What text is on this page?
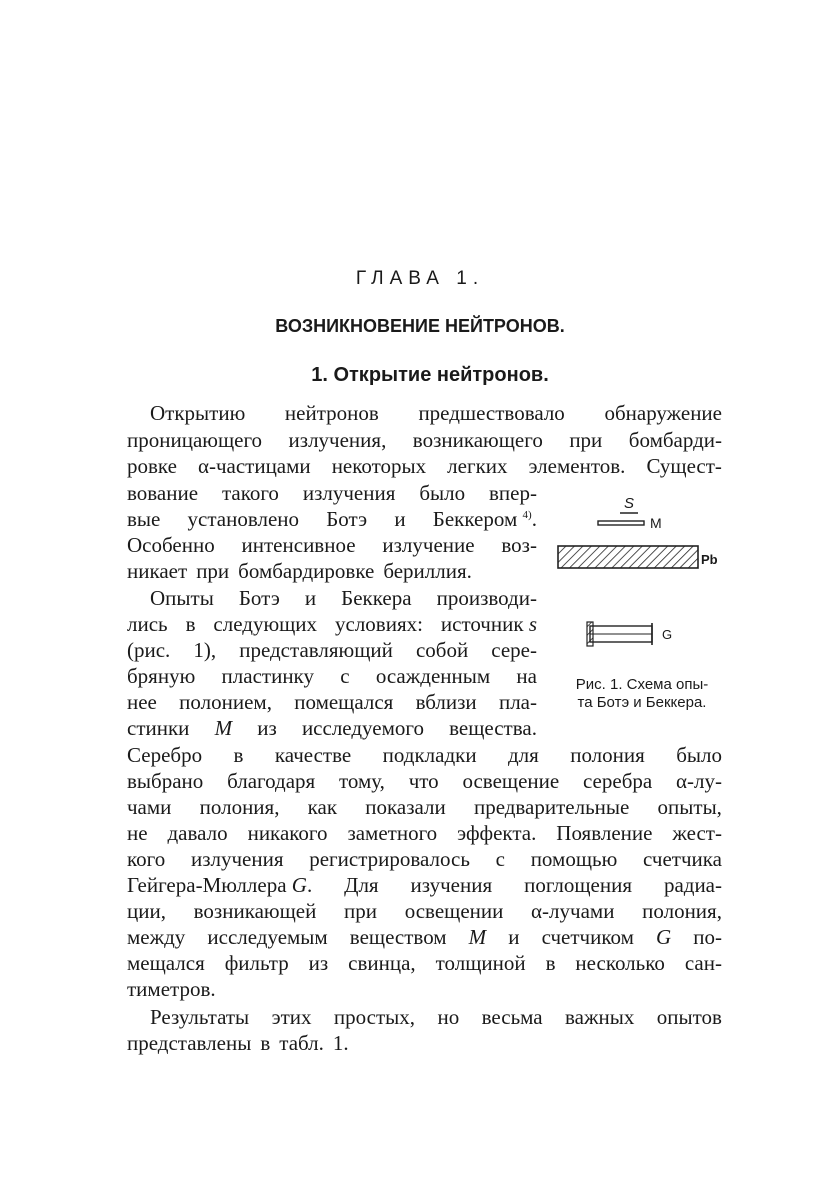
ГЛАВА 1.
ВОЗНИКНОВЕНИЕ НЕЙТРОНОВ.
1. Открытие нейтронов.
S
M
Pb
G
Рис. 1. Схема опы-
та Ботэ и Беккера.
Открытию нейтронов предшествовало обнаружение
проницающего излучения, возникающего при бомбарди-
ровке α-частицами некоторых легких элементов. Сущест-
вование такого излучения было впер-
вые установлено Ботэ и Беккером $^{4)}$.
Особенно интенсивное излучение воз-
никает при бомбардировке бериллия.
Опыты Ботэ и Беккера производи-
лись в следующих условиях: источник s
(рис. 1), представляющий собой сере-
бряную пластинку с осажденным на
нее полонием, помещался вблизи пла-
стинки M из исследуемого вещества.
Серебро в качестве подкладки для полония было
выбрано благодаря тому, что освещение серебра α-лу-
чами полония, как показали предварительные опыты,
не давало никакого заметного эффекта. Появление жест-
кого излучения регистрировалось с помощью счетчика
Гейгера-Мюллера G. Для изучения поглощения радиа-
ции, возникающей при освещении α-лучами полония,
между исследуемым веществом M и счетчиком G по-
мещался фильтр из свинца, толщиной в несколько сан-
тиметров.
Результаты этих простых, но весьма важных опытов
представлены в табл. 1.
